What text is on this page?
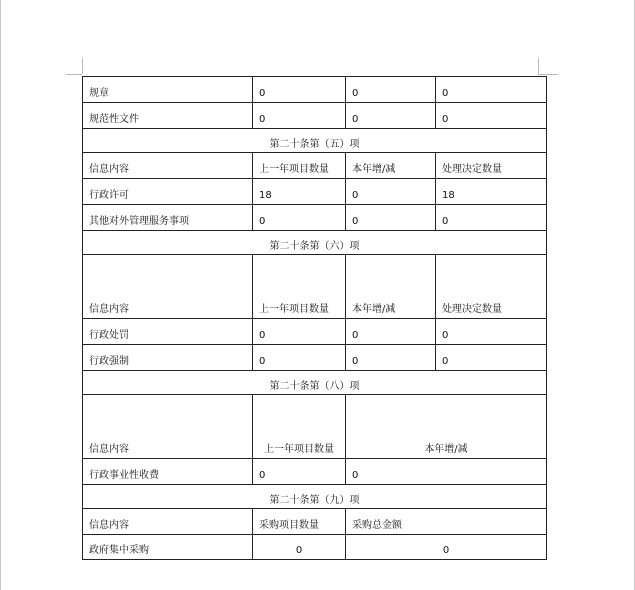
规章	0	0	0
规范性文件	0	0	0
第二十条第（五）项			
信息内容	上一年项目数量	本年增/减	处理决定数量
行政许可	18	0	18
其他对外管理服务事项	0	0	0
第二十条第（六）项			
信息内容	上一年项目数量	本年增/减	处理决定数量
行政处罚	0	0	0
行政强制	0	0	0
第二十条第（八）项			
信息内容	上一年项目数量	本年增/减	
行政事业性收费	0	0	
第二十条第（九）项			
信息内容	采购项目数量	采购总金额	
政府集中采购	0	0	
